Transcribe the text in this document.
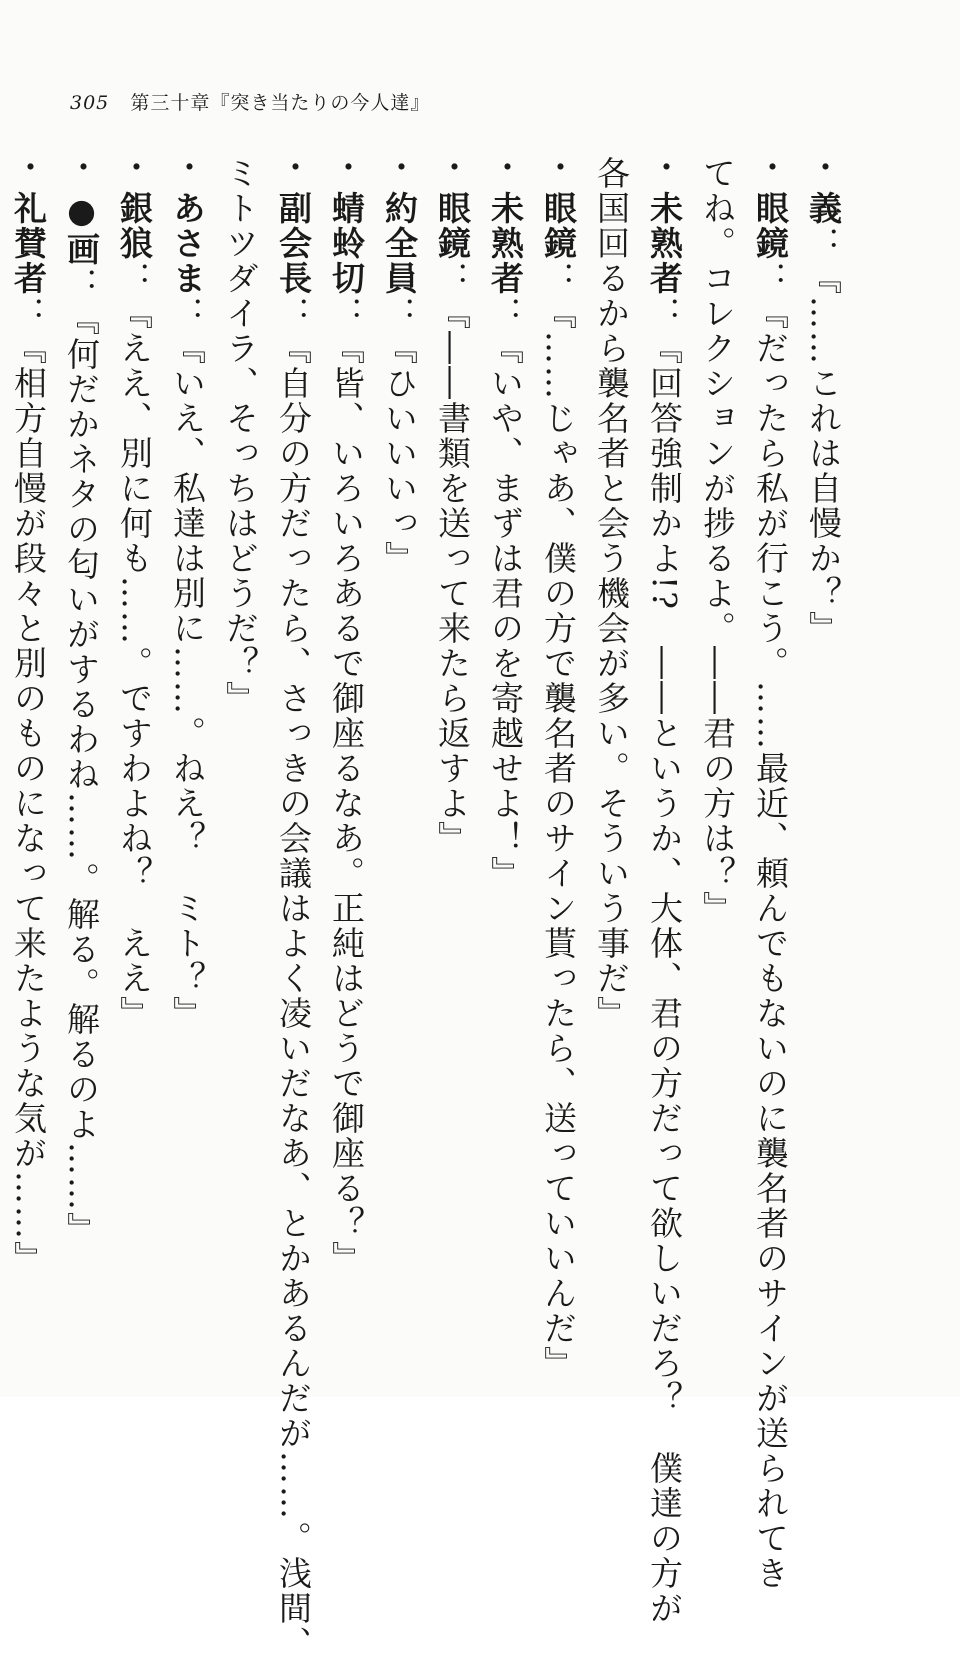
305 第三十章『突き当たりの今人達』
・義：『……これは自慢か？』
・眼鏡：『だったら私が行こう。……最近、頼んでもないのに襲名者のサインが送られてき
てね。コレクションが捗るよ。――君の方は？』
・未熟者：『回答強制かよ!?　――というか、大体、君の方だって欲しいだろ？　僕達の方が
各国回るから襲名者と会う機会が多い。そういう事だ』
・眼鏡：『……じゃあ、僕の方で襲名者のサイン貰ったら、送っていいんだ』
・未熟者：『いや、まずは君のを寄越せよ！』
・眼鏡：『――書類を送って来たら返すよ』
・約全員：『ひいいいっ』
・蜻蛉切：『皆、いろいろあるで御座るなあ。正純はどうで御座る？』
・副会長：『自分の方だったら、さっきの会議はよく凌いだなあ、とかあるんだが……。浅間、
ミトツダイラ、そっちはどうだ？』
・あさま：『いえ、私達は別に……。ねえ？　ミト？』
・銀狼：『ええ、別に何も……。ですわよね？　ええ』
・●画：『何だかネタの匂いがするわね……。解る。解るのよ……』
・礼賛者：『相方自慢が段々と別のものになって来たような気が……』
